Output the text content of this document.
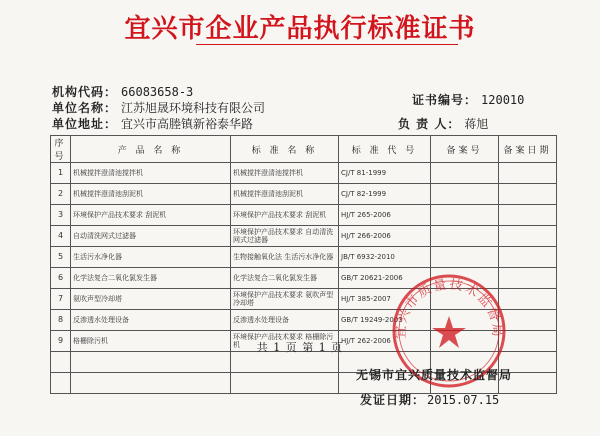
宜兴市企业产品执行标准证书
机构代码： 66083658-3
证书编号： 120010
单位名称： 江苏旭晟环境科技有限公司
单位地址： 宜兴市高塍镇新裕泰华路	负 责 人： 蒋旭
序号	产 品 名 称	标 准 名 称	标 准 代 号	备案号	备案日期
1	机械搅拌澄清池搅拌机	机械搅拌澄清池搅拌机	CJ/T 81-1999		
2	机械搅拌澄清池刮泥机	机械搅拌澄清池刮泥机	CJ/T 82-1999		
3	环境保护产品技术要求 刮泥机	环境保护产品技术要求 刮泥机	HJ/T 265-2006		
4	自动清洗网式过滤器	环境保护产品技术要求 自动清洗网式过滤器	HJ/T 266-2006		
5	生活污水净化器	生物接触氧化法 生活污水净化器	JB/T 6932-2010		
6	化学法复合二氧化氯发生器	化学法复合二氧化氯发生器	GB/T 20621-2006		
7	氨吹声型冷却塔	环境保护产品技术要求 氨吹声型冷却塔	HJ/T 385-2007		
8	反渗透水处理设备	反渗透水处理设备	GB/T 19249-2003		
9	格栅除污机	环境保护产品技术要求 格栅除污机	HJ/T 262-2006		

宜兴市质量技术监督局
共 1 页 第 1 页
无锡市宜兴质量技术监督局
发证日期： 2015.07.15
